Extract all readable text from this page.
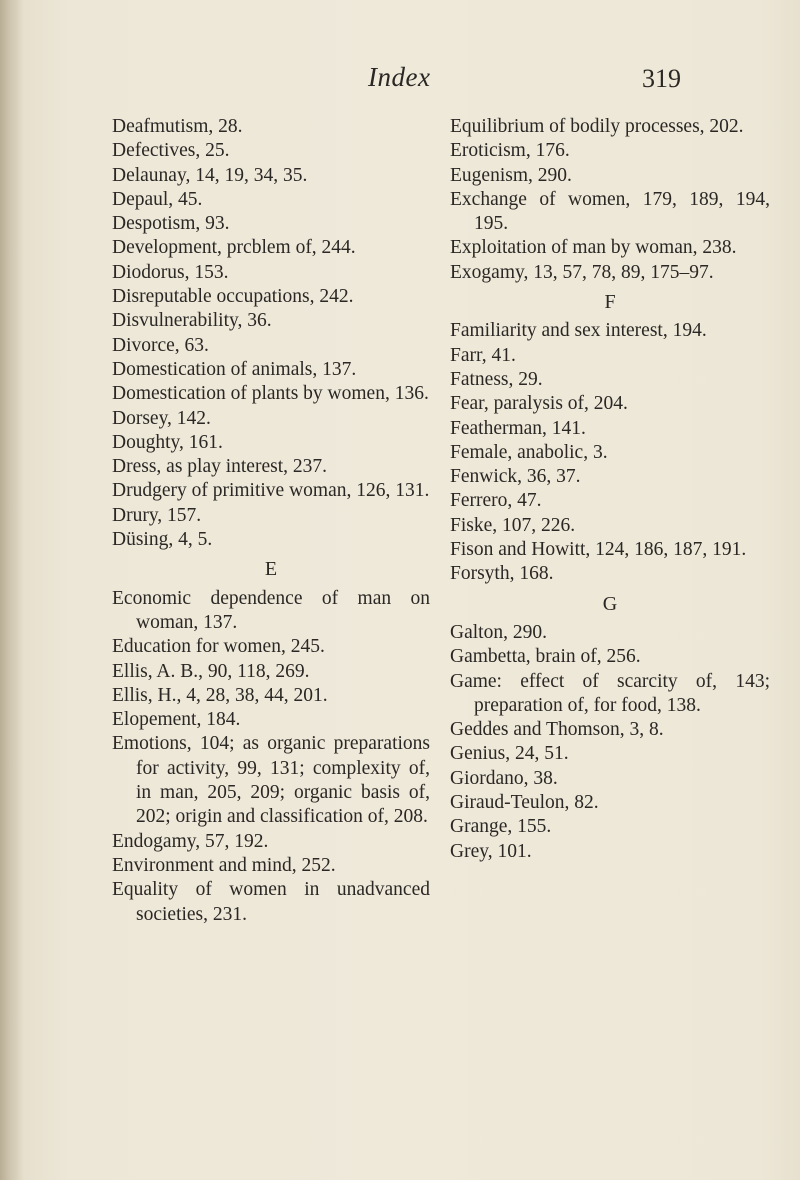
Index	319

Deafmutism, 28.

Defectives, 25.

Delaunay, 14, 19, 34, 35.

Depaul, 45.

Despotism, 93.

Development, prcblem of, 244.

Diodorus, 153.

Disreputable occupations, 242.

Disvulnerability, 36.

Divorce, 63.

Domestication of animals, 137.

Domestication of plants by women, 136.

Dorsey, 142.

Doughty, 161.

Dress, as play interest, 237.

Drudgery of primitive woman, 126, 131.

Drury, 157.

Düsing, 4, 5.

E

Economic dependence of man on woman, 137.

Education for women, 245.

Ellis, A. B., 90, 118, 269.

Ellis, H., 4, 28, 38, 44, 201.

Elopement, 184.

Emotions, 104; as organic preparations for activity, 99, 131; complexity of, in man, 205, 209; organic basis of, 202; origin and classification of, 208.

Endogamy, 57, 192.

Environment and mind, 252.

Equality of women in unadvanced societies, 231.

Equilibrium of bodily processes, 202.

Eroticism, 176.

Eugenism, 290.

Exchange of women, 179, 189, 194, 195.

Exploitation of man by woman, 238.

Exogamy, 13, 57, 78, 89, 175–97.

F

Familiarity and sex interest, 194.

Farr, 41.

Fatness, 29.

Fear, paralysis of, 204.

Featherman, 141.

Female, anabolic, 3.

Fenwick, 36, 37.

Ferrero, 47.

Fiske, 107, 226.

Fison and Howitt, 124, 186, 187, 191.

Forsyth, 168.

G

Galton, 290.

Gambetta, brain of, 256.

Game: effect of scarcity of, 143; preparation of, for food, 138.

Geddes and Thomson, 3, 8.

Genius, 24, 51.

Giordano, 38.

Giraud-Teulon, 82.

Grange, 155.

Grey, 101.
